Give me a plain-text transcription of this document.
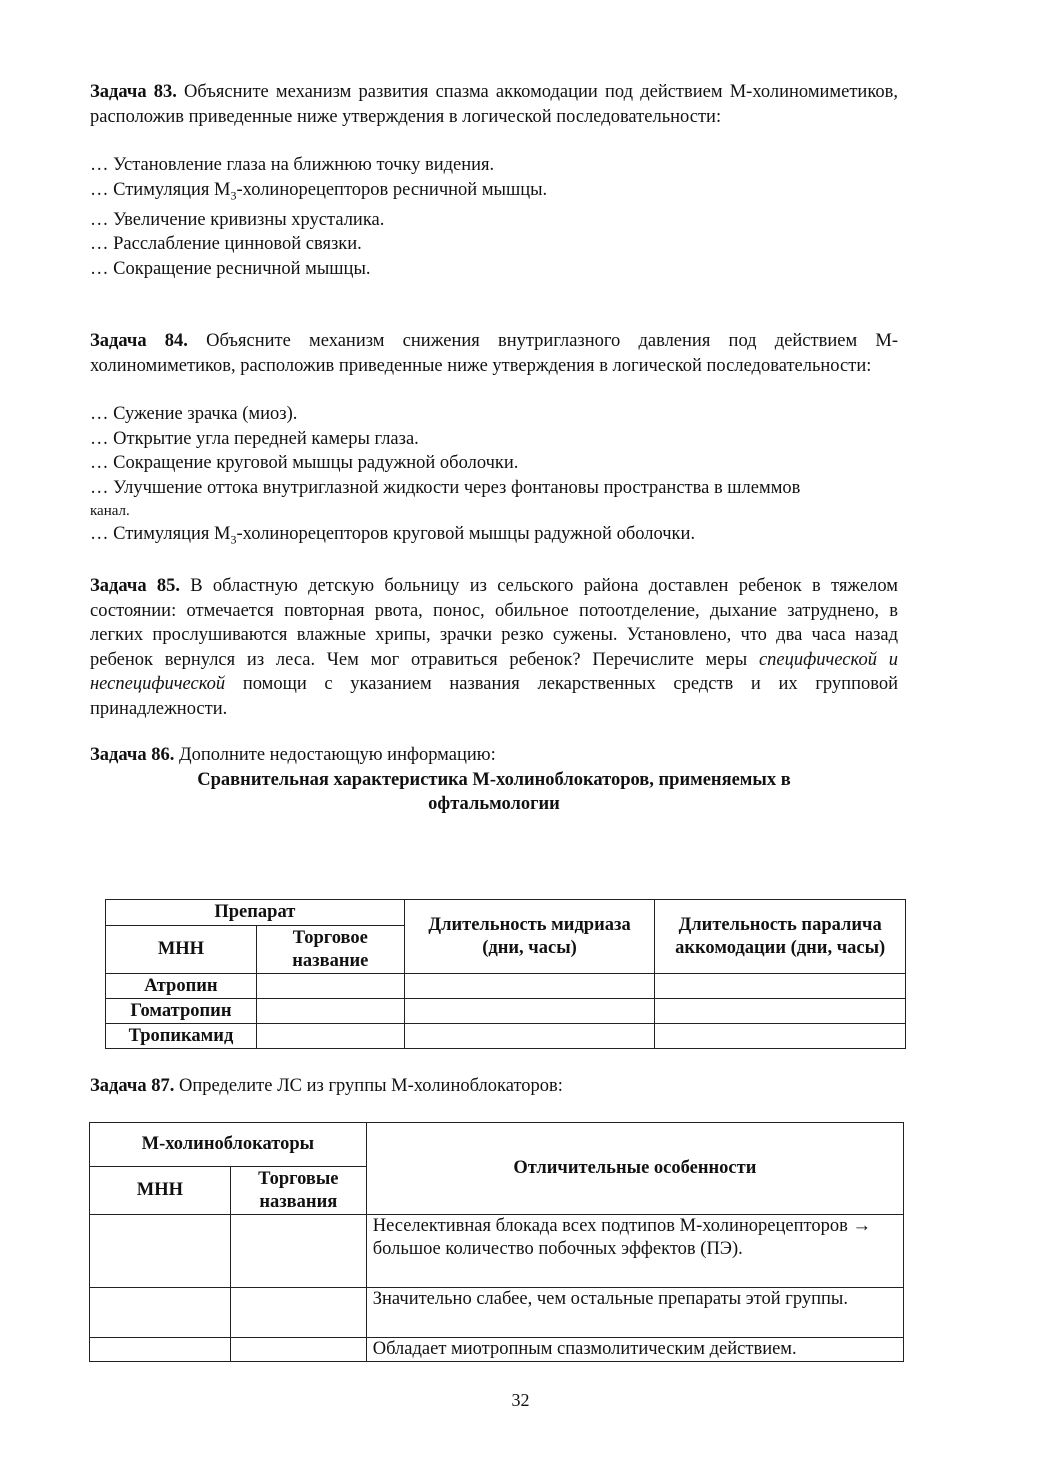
Задача 83. Объясните механизм развития спазма аккомодации под действием М-холиномиметиков, расположив приведенные ниже утверждения в логической последовательности:

… Установление глаза на ближнюю точку видения.
… Стимуляция $М_3$-холинорецепторов ресничной мышцы.
… Увеличение кривизны хрусталика.
… Расслабление цинновой связки.
… Сокращение ресничной мышцы.

Задача 84. Объясните механизм снижения внутриглазного давления под действием М-холиномиметиков, расположив приведенные ниже утверждения в логической последовательности:

… Сужение зрачка (миоз).
… Открытие угла передней камеры глаза.
… Сокращение круговой мышцы радужной оболочки.
… Улучшение оттока внутриглазной жидкости через фонтановы пространства в шлеммов
канал.
… Стимуляция $М_3$-холинорецепторов круговой мышцы радужной оболочки.

Задача 85. В областную детскую больницу из сельского района доставлен ребенок в тяжелом состоянии: отмечается повторная рвота, понос, обильное потоотделение, дыхание затруднено, в легких прослушиваются влажные хрипы, зрачки резко сужены. Установлено, что два часа назад ребенок вернулся из леса. Чем мог отравиться ребенок? Перечислите меры специфической и неспецифической помощи с указанием названия лекарственных средств и их групповой принадлежности.

Задача 86. Дополните недостающую информацию:

Сравнительная характеристика М-холиноблокаторов, применяемых в

офтальмологии

Препарат		Длительность мидриаза (дни, часы)	Длительность паралича аккомодации (дни, часы)
МНН	Торговое название		
Атропин			
Гоматропин			
Тропикамид			

Задача 87. Определите ЛС из группы М-холиноблокаторов:

М-холиноблокаторы		Отличительные особенности
МНН	Торговые названия	
		Неселективная блокада всех подтипов М-холинорецепторов → большое количество побочных эффектов (ПЭ).
		Значительно слабее, чем остальные препараты этой группы.
		Обладает миотропным спазмолитическим действием.
32
